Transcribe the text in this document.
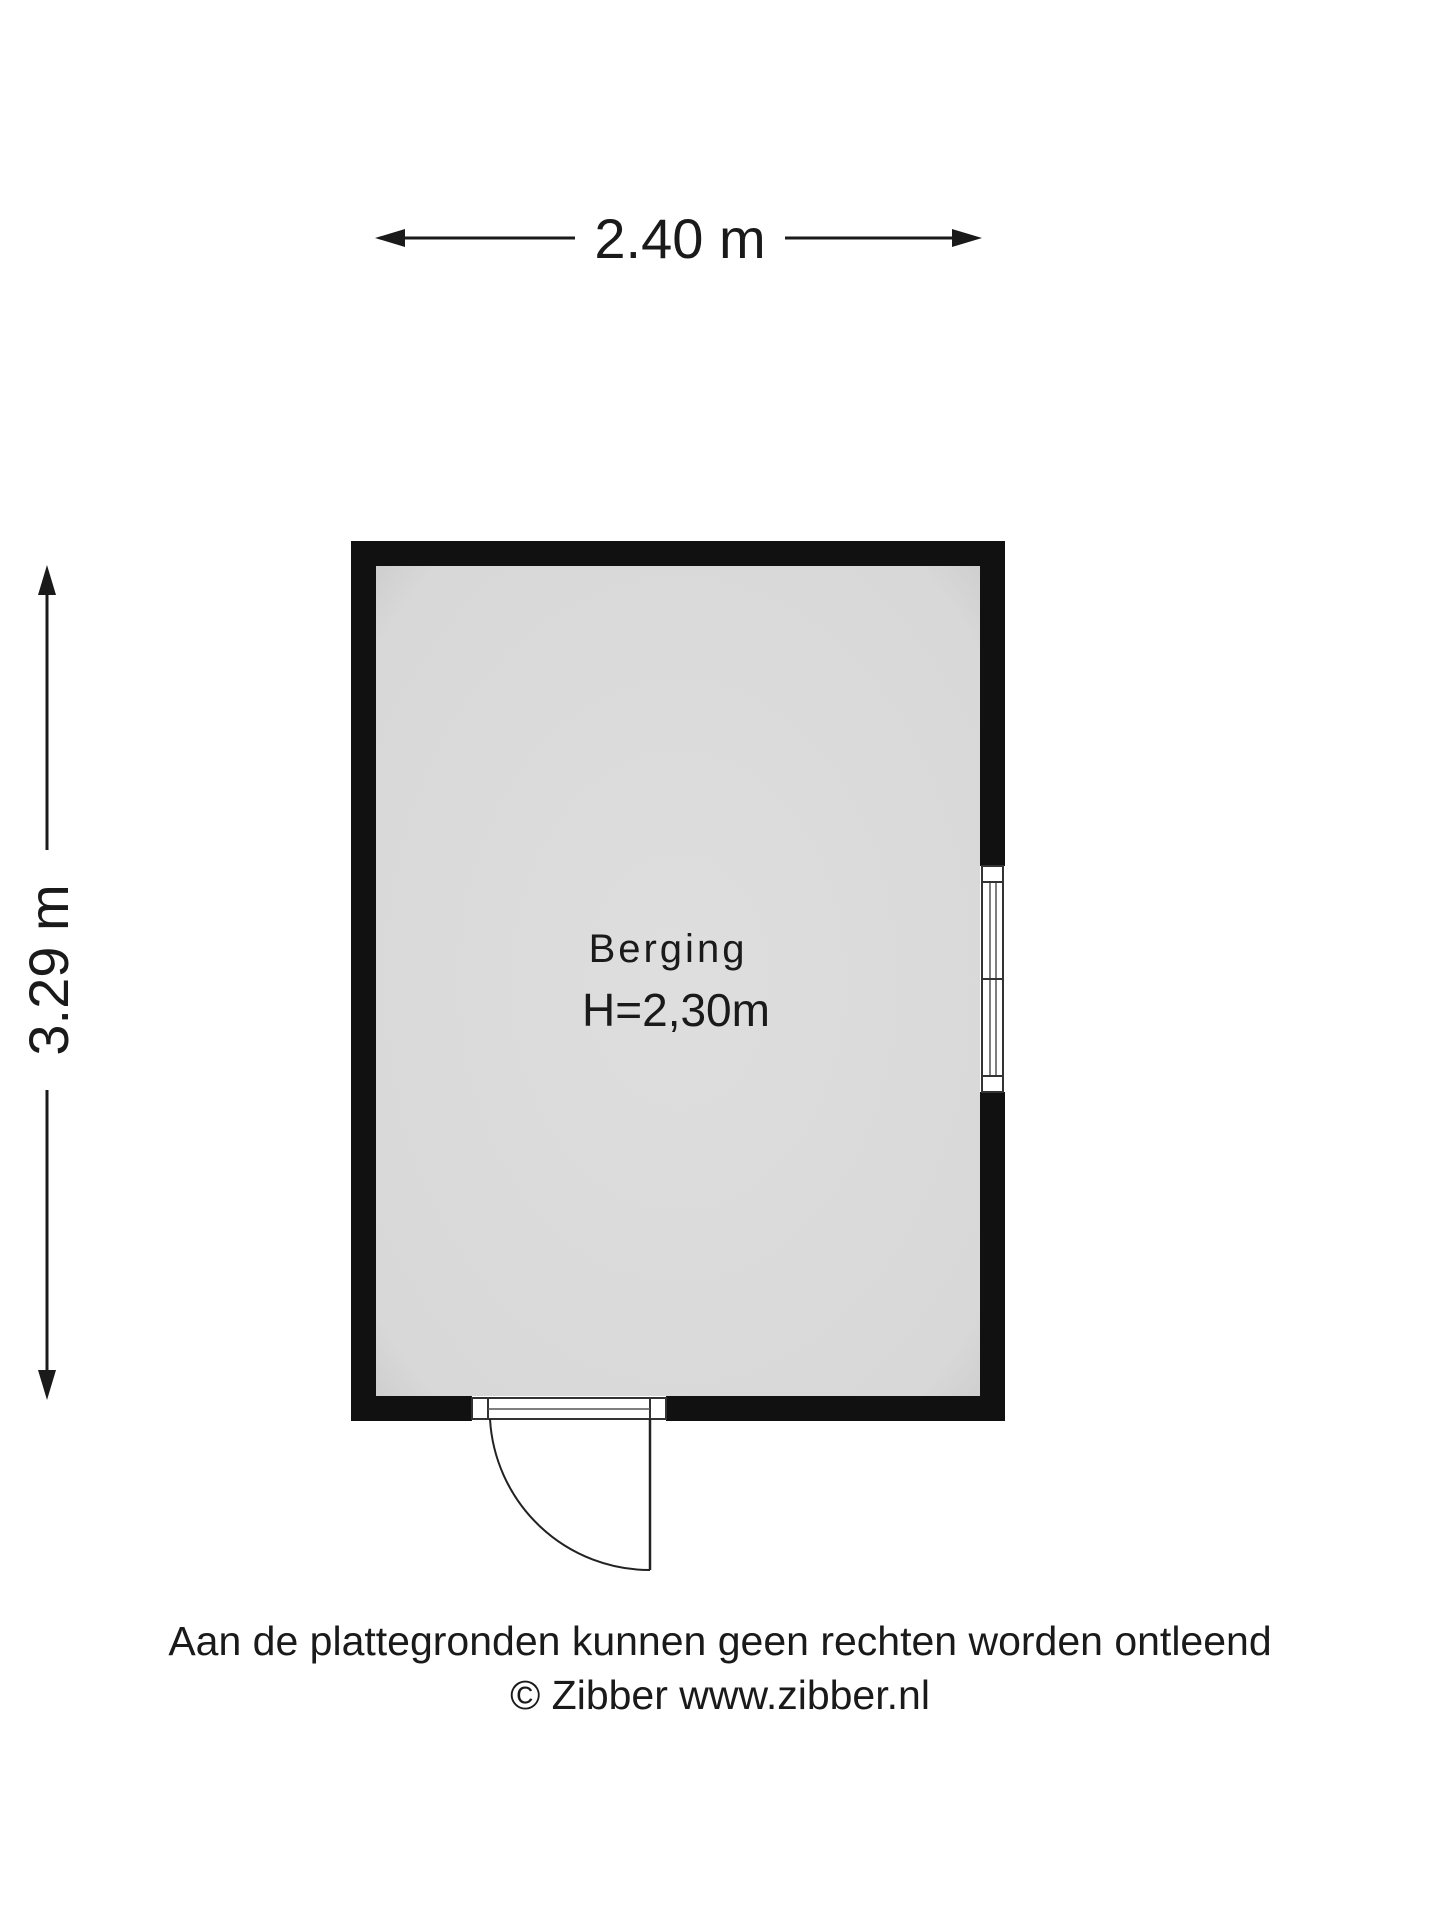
2.40 m
3.29 m	Berging
H=2,30m
Aan de plattegronden kunnen geen rechten worden ontleend
© Zibber www.zibber.nl
